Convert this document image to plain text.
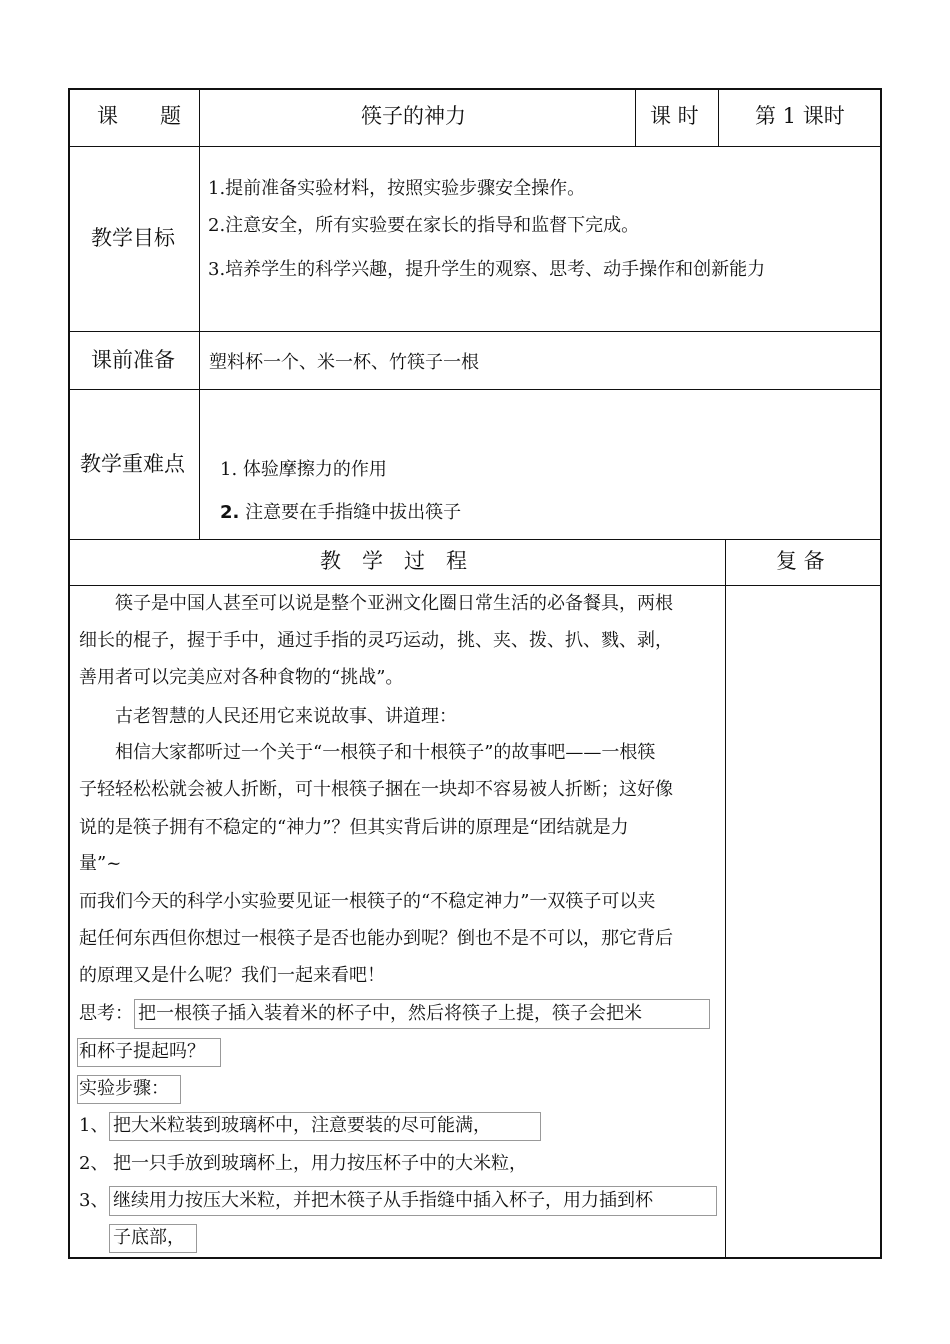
课　　题	筷子的神力	课 时	第 1 课时
教学目标
1.提前准备实验材料，按照实验步骤安全操作。
2.注意安全，所有实验要在家长的指导和监督下完成。
3.培养学生的科学兴趣，提升学生的观察、思考、动手操作和创新能力
课前准备 塑料杯一个、米一杯、竹筷子一根
教学重难点 1. 体验摩擦力的作用
2. 注意要在手指缝中拔出筷子
教　学　过　程	复 备
　　筷子是中国人甚至可以说是整个亚洲文化圈日常生活的必备餐具，两根
细长的棍子，握于手中，通过手指的灵巧运动，挑、夹、拨、扒、戮、剥，
善用者可以完美应对各种食物的“挑战”。
　　古老智慧的人民还用它来说故事、讲道理：
　　相信大家都听过一个关于“一根筷子和十根筷子”的故事吧——一根筷
子轻轻松松就会被人折断，可十根筷子捆在一块却不容易被人折断；这好像
说的是筷子拥有不稳定的“神力”？但其实背后讲的原理是“团结就是力
量”~
而我们今天的科学小实验要见证一根筷子的“不稳定神力”一双筷子可以夹
起任何东西但你想过一根筷子是否也能办到呢？倒也不是不可以，那它背后
的原理又是什么呢？我们一起来看吧！
思考： 把一根筷子插入装着米的杯子中，然后将筷子上提，筷子会把米
和杯子提起吗？
实验步骤：
1、 把大米粒装到玻璃杯中，注意要装的尽可能满，
2、 把一只手放到玻璃杯上，用力按压杯子中的大米粒，
3、 继续用力按压大米粒，并把木筷子从手指缝中插入杯子，用力插到杯
子底部，
